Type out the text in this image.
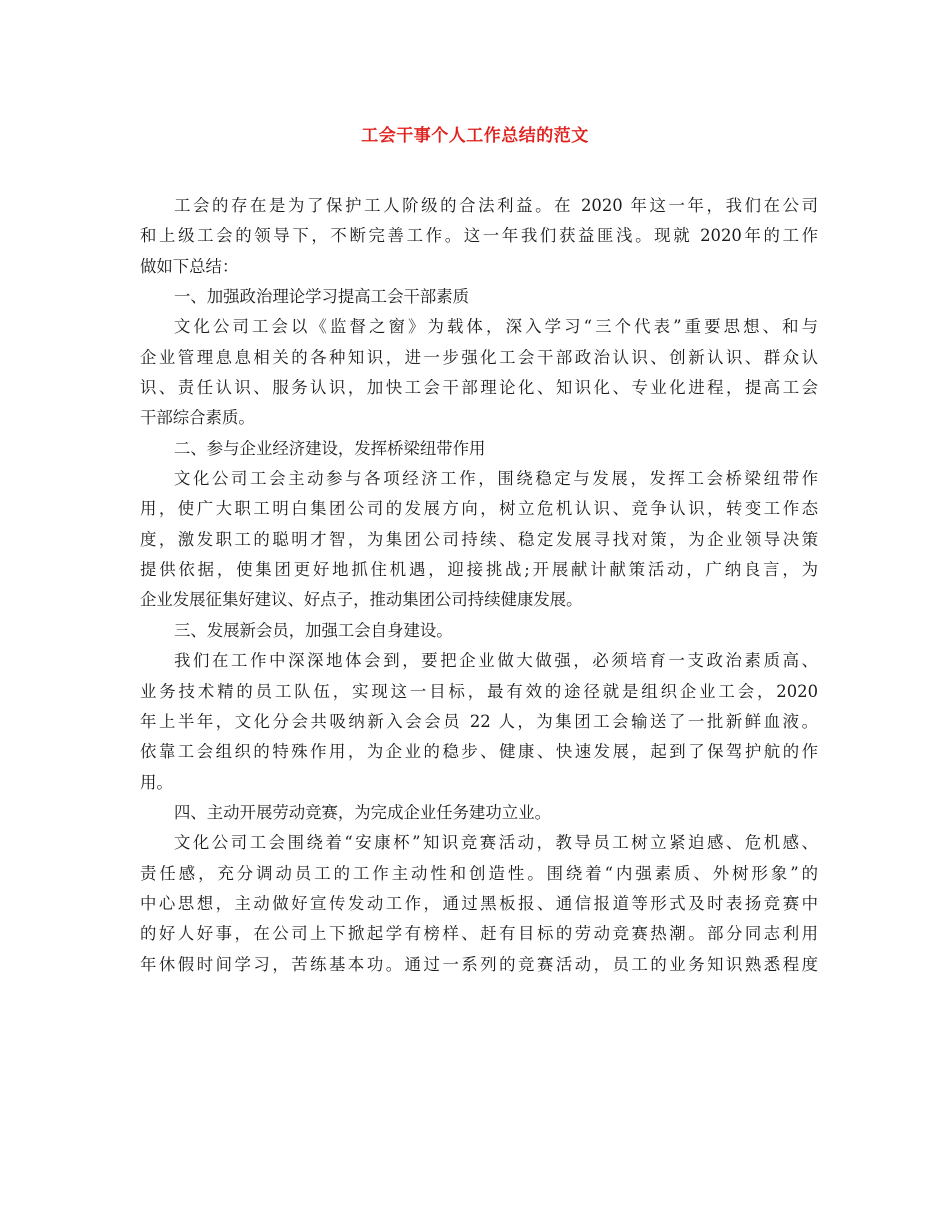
工会干事个人工作总结的范文
工会的存在是为了保护工人阶级的合法利益。在 2020 年这一年，我们在公司
和上级工会的领导下，不断完善工作。这一年我们获益匪浅。现就 2020年的工作
做如下总结：
一、加强政治理论学习提高工会干部素质
文化公司工会以《监督之窗》为载体，深入学习“三个代表”重要思想、和与
企业管理息息相关的各种知识，进一步强化工会干部政治认识、创新认识、群众认
识、责任认识、服务认识，加快工会干部理论化、知识化、专业化进程，提高工会
干部综合素质。
二、参与企业经济建设，发挥桥梁纽带作用
文化公司工会主动参与各项经济工作，围绕稳定与发展，发挥工会桥梁纽带作
用，使广大职工明白集团公司的发展方向，树立危机认识、竞争认识，转变工作态
度，激发职工的聪明才智，为集团公司持续、稳定发展寻找对策，为企业领导决策
提供依据，使集团更好地抓住机遇，迎接挑战;开展献计献策活动，广纳良言，为
企业发展征集好建议、好点子，推动集团公司持续健康发展。
三、发展新会员，加强工会自身建设。
我们在工作中深深地体会到，要把企业做大做强，必须培育一支政治素质高、
业务技术精的员工队伍，实现这一目标，最有效的途径就是组织企业工会，2020
年上半年，文化分会共吸纳新入会会员 22 人，为集团工会输送了一批新鲜血液。
依靠工会组织的特殊作用，为企业的稳步、健康、快速发展，起到了保驾护航的作
用。
四、主动开展劳动竞赛，为完成企业任务建功立业。
文化公司工会围绕着“安康杯”知识竞赛活动，教导员工树立紧迫感、危机感、
责任感，充分调动员工的工作主动性和创造性。围绕着“内强素质、外树形象”的
中心思想，主动做好宣传发动工作，通过黑板报、通信报道等形式及时表扬竞赛中
的好人好事，在公司上下掀起学有榜样、赶有目标的劳动竞赛热潮。部分同志利用
年休假时间学习，苦练基本功。通过一系列的竞赛活动，员工的业务知识熟悉程度
